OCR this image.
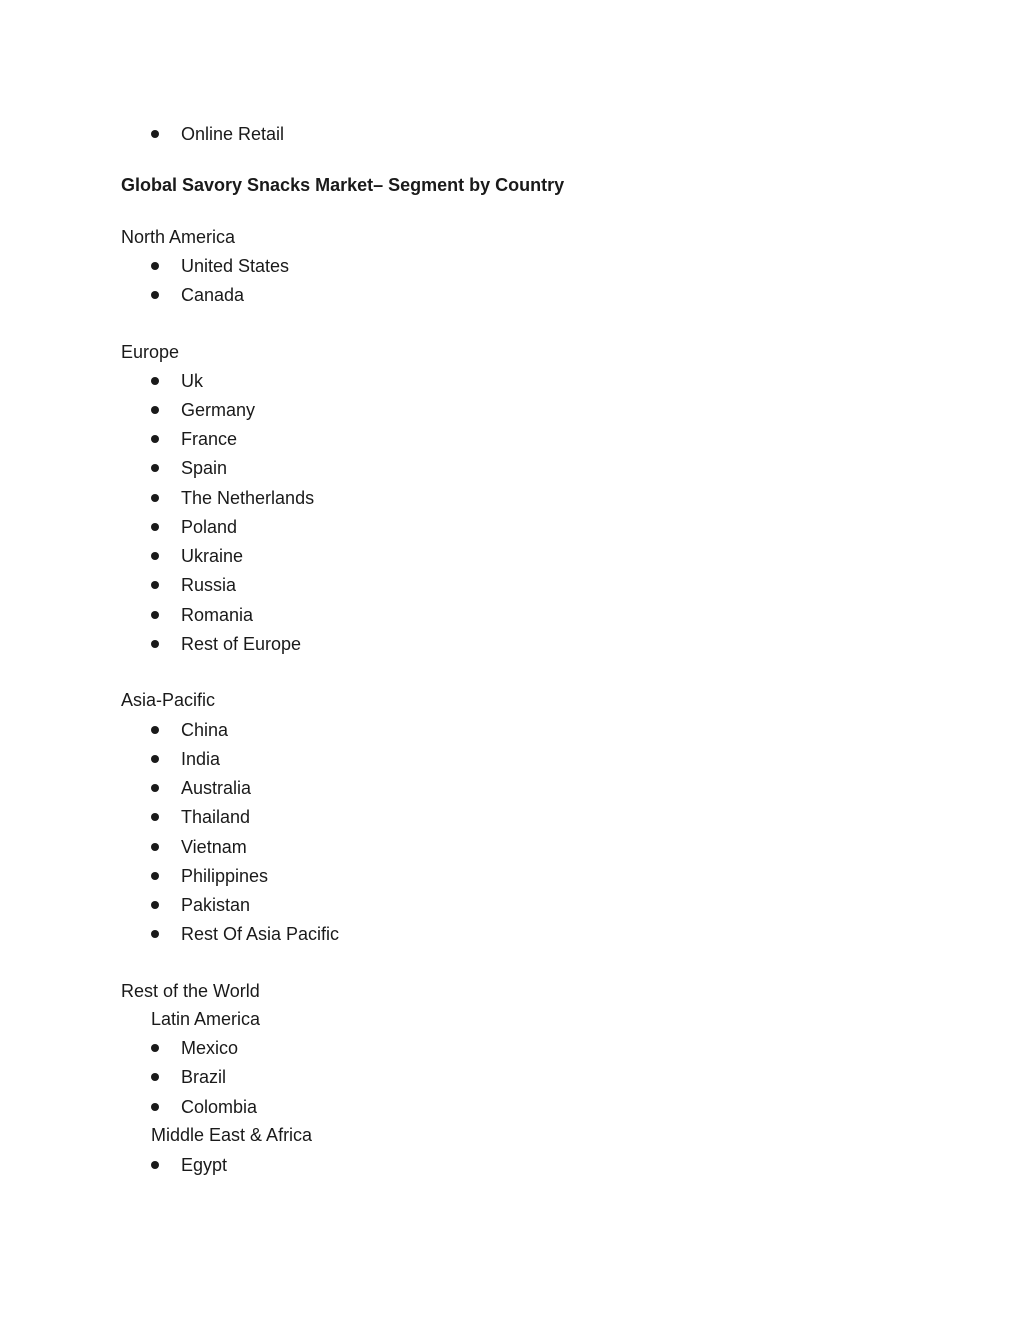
Online Retail
Global Savory Snacks Market– Segment by Country
North America
United States
Canada
Europe
Uk
Germany
France
Spain
The Netherlands
Poland
Ukraine
Russia
Romania
Rest of Europe
Asia-Pacific
China
India
Australia
Thailand
Vietnam
Philippines
Pakistan
Rest Of Asia Pacific
Rest of the World
Latin America
Mexico
Brazil
Colombia
Middle East & Africa
Egypt
